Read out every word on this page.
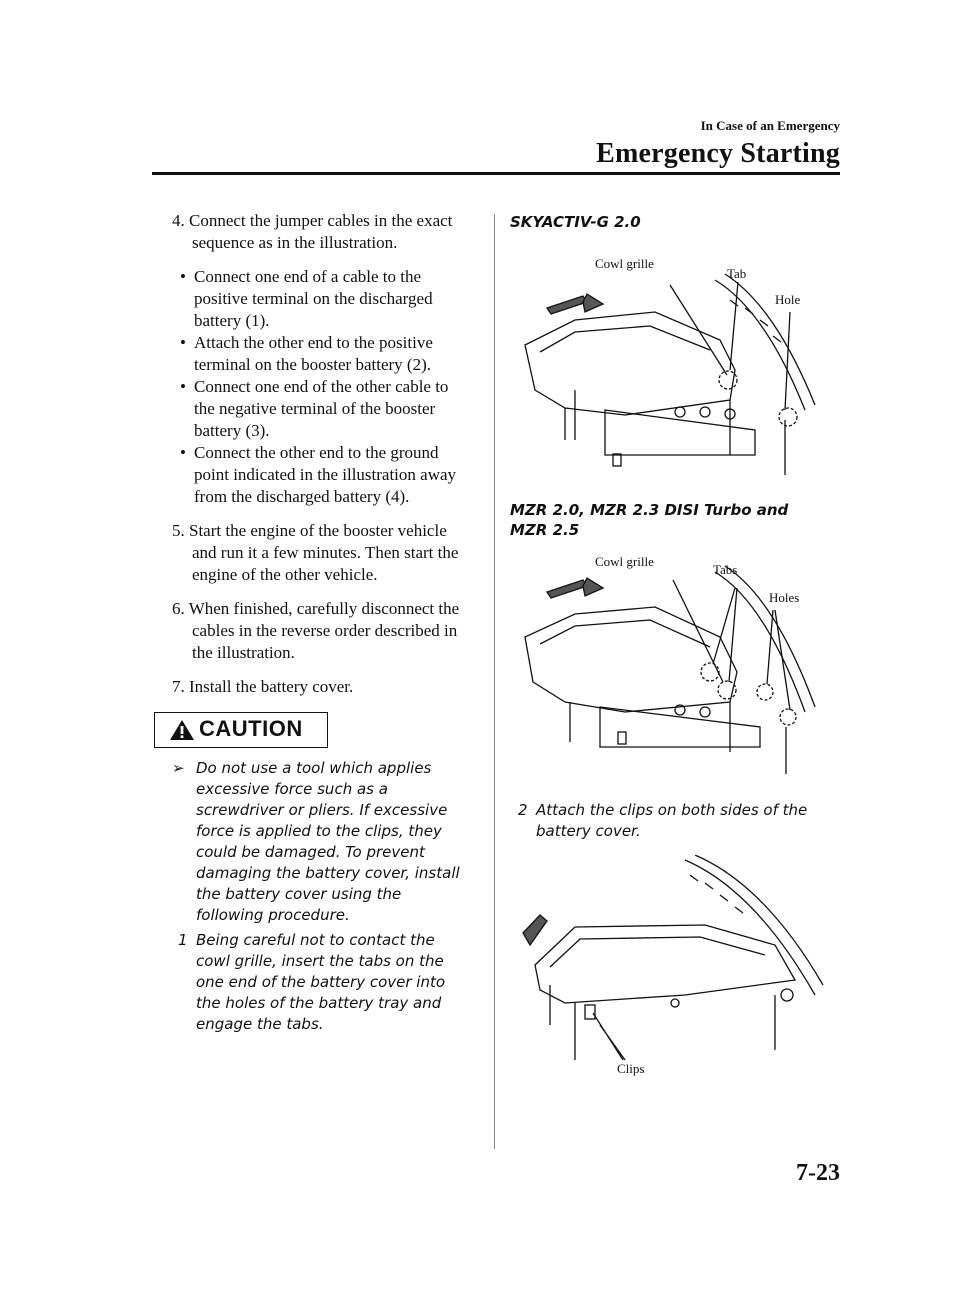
In Case of an Emergency
Emergency Starting

4. Connect the jumper cables in the exact sequence as in the illustration.

• Connect one end of a cable to the positive terminal on the discharged battery (1).
• Attach the other end to the positive terminal on the booster battery (2).
• Connect one end of the other cable to the negative terminal of the booster battery (3).
• Connect the other end to the ground point indicated in the illustration away from the discharged battery (4).

5. Start the engine of the booster vehicle and run it a few minutes. Then start the engine of the other vehicle.

6. When finished, carefully disconnect the cables in the reverse order described in the illustration.

7. Install the battery cover.

CAUTION
➢ Do not use a tool which applies excessive force such as a screwdriver or pliers. If excessive force is applied to the clips, they could be damaged. To prevent damaging the battery cover, install the battery cover using the following procedure.
1 Being careful not to contact the cowl grille, insert the tabs on the one end of the battery cover into the holes of the battery tray and engage the tabs.
SKYACTIV-G 2.0
Cowl grille
Tab
Hole
MZR 2.0, MZR 2.3 DISI Turbo and MZR 2.5
Cowl grille
Tabs
Holes
2 Attach the clips on both sides of the battery cover.
Clips
7-23
